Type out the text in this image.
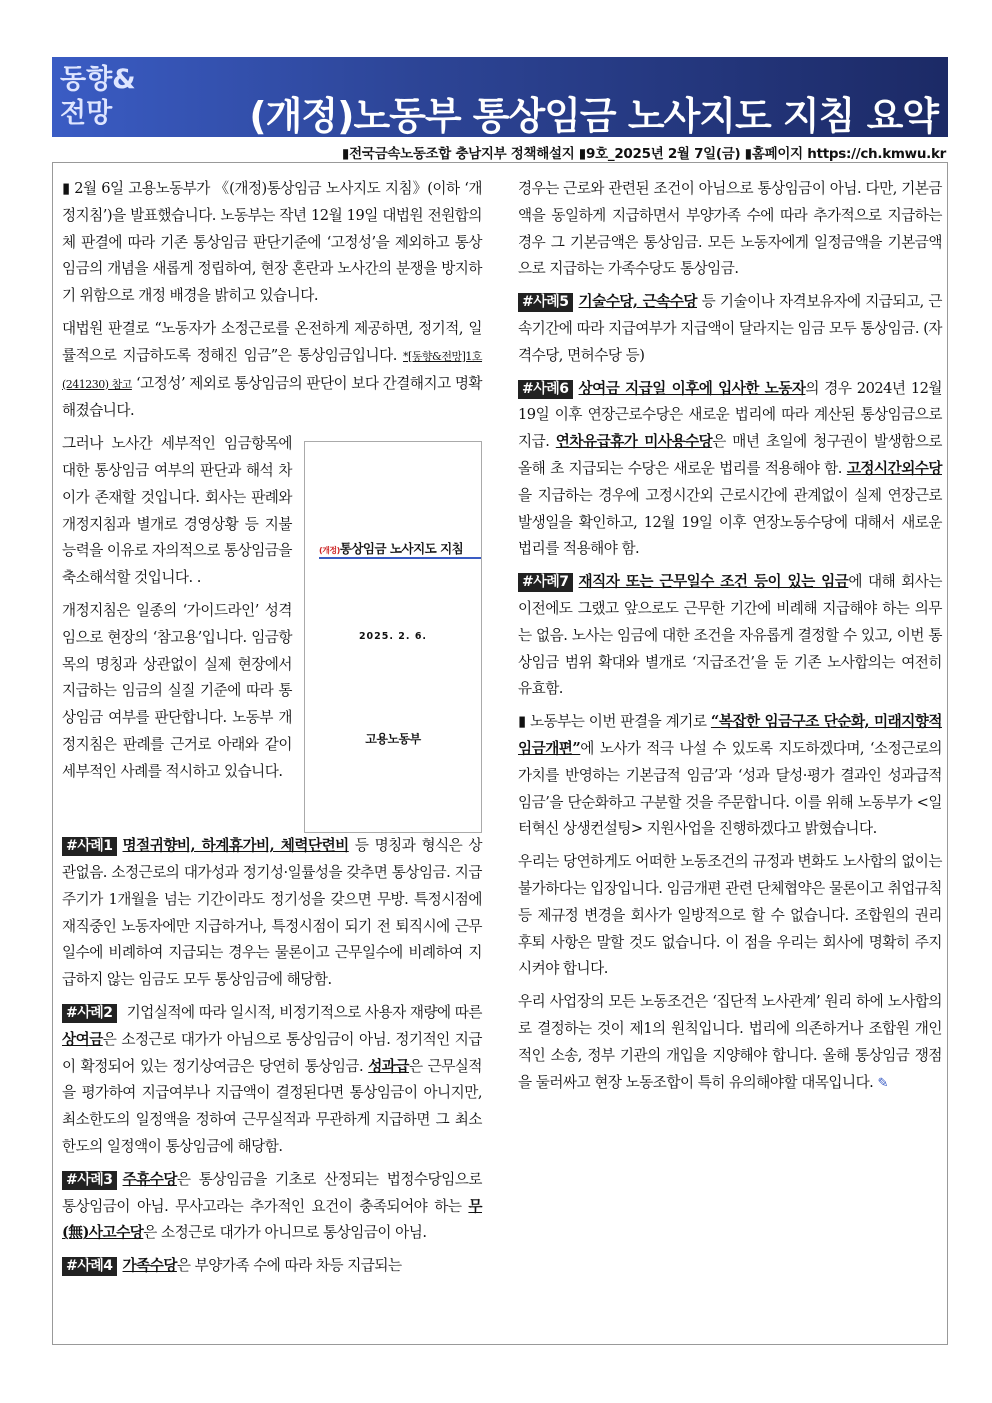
동향&
전망	(개정)노동부 통상임금 노사지도 지침 요약
▮전국금속노동조합 충남지부 정책해설지 ▮9호_2025년 2월 7일(금) ▮홈페이지 https://ch.kmwu.kr

▮ 2월 6일 고용노동부가 《(개정)통상임금 노사지도 지침》(이하 ‘개정지침’)을 발표했습니다. 노동부는 작년 12월 19일 대법원 전원합의체 판결에 따라 기존 통상임금 판단기준에 ‘고정성’을 제외하고 통상임금의 개념을 새롭게 정립하여, 현장 혼란과 노사간의 분쟁을 방지하기 위함으로 개정 배경을 밝히고 있습니다.

대법원 판결로 “노동자가 소정근로를 온전하게 제공하면, 정기적, 일률적으로 지급하도록 정해진 임금”은 통상임금입니다. *[동향&전망]1호(241230) 참고 ‘고정성’ 제외로 통상임금의 판단이 보다 간결해지고 명확해졌습니다.

그러나 노사간 세부적인 임금항목에 대한 통상임금 여부의 판단과 해석 차이가 존재할 것입니다. 회사는 판례와 개정지침과 별개로 경영상황 등 지불능력을 이유로 자의적으로 통상임금을 축소해석할 것입니다. .

개정지침은 일종의 ‘가이드라인’ 성격임으로 현장의 ‘참고용’입니다. 임금항목의 명칭과 상관없이 실제 현장에서 지급하는 임금의 실질 기준에 따라 통상임금 여부를 판단합니다. 노동부 개정지침은 판례를 근거로 아래와 같이 세부적인 사례를 적시하고 있습니다.

(개정)통상임금 노사지도 지침
2025. 2. 6.
고용노동부

#사례1 명절귀향비, 하계휴가비, 체력단련비 등 명칭과 형식은 상관없음. 소정근로의 대가성과 정기성·일률성을 갖추면 통상임금. 지급주기가 1개월을 넘는 기간이라도 정기성을 갖으면 무방. 특정시점에 재직중인 노동자에만 지급하거나, 특정시점이 되기 전 퇴직시에 근무일수에 비례하여 지급되는 경우는 물론이고 근무일수에 비례하여 지급하지 않는 임금도 모두 통상임금에 해당함.

#사례2 기업실적에 따라 일시적, 비정기적으로 사용자 재량에 따른 상여금은 소정근로 대가가 아님으로 통상임금이 아님. 정기적인 지급이 확정되어 있는 정기상여금은 당연히 통상임금. 성과급은 근무실적을 평가하여 지급여부나 지급액이 결정된다면 통상임금이 아니지만, 최소한도의 일정액을 정하여 근무실적과 무관하게 지급하면 그 최소한도의 일정액이 통상임금에 해당함.

#사례3 주휴수당은 통상임금을 기초로 산정되는 법정수당임으로 통상임금이 아님. 무사고라는 추가적인 요건이 충족되어야 하는 무(無)사고수당은 소정근로 대가가 아니므로 통상임금이 아님.

#사례4 가족수당은 부양가족 수에 따라 차등 지급되는

경우는 근로와 관련된 조건이 아님으로 통상임금이 아님. 다만, 기본금액을 동일하게 지급하면서 부양가족 수에 따라 추가적으로 지급하는 경우 그 기본금액은 통상임금. 모든 노동자에게 일정금액을 기본금액으로 지급하는 가족수당도 통상임금.

#사례5 기술수당, 근속수당 등 기술이나 자격보유자에 지급되고, 근속기간에 따라 지급여부가 지급액이 달라지는 임금 모두 통상임금. (자격수당, 면허수당 등)

#사례6 상여금 지급일 이후에 입사한 노동자의 경우 2024년 12월 19일 이후 연장근로수당은 새로운 법리에 따라 계산된 통상임금으로 지급. 연차유급휴가 미사용수당은 매년 초일에 청구권이 발생함으로 올해 초 지급되는 수당은 새로운 법리를 적용해야 함. 고정시간외수당을 지급하는 경우에 고정시간외 근로시간에 관계없이 실제 연장근로 발생일을 확인하고, 12월 19일 이후 연장노동수당에 대해서 새로운 법리를 적용해야 함.

#사례7 재직자 또는 근무일수 조건 등이 있는 임금에 대해 회사는 이전에도 그랬고 앞으로도 근무한 기간에 비례해 지급해야 하는 의무는 없음. 노사는 임금에 대한 조건을 자유롭게 결정할 수 있고, 이번 통상임금 범위 확대와 별개로 ‘지급조건’을 둔 기존 노사합의는 여전히 유효함.

▮ 노동부는 이번 판결을 계기로 “복잡한 임금구조 단순화, 미래지향적 임금개편”에 노사가 적극 나설 수 있도록 지도하겠다며, ‘소정근로의 가치를 반영하는 기본급적 임금’과 ‘성과 달성·평가 결과인 성과급적 임금’을 단순화하고 구분할 것을 주문합니다. 이를 위해 노동부가 <일터혁신 상생컨설팅> 지원사업을 진행하겠다고 밝혔습니다.

우리는 당연하게도 어떠한 노동조건의 규정과 변화도 노사합의 없이는 불가하다는 입장입니다. 임금개편 관련 단체협약은 물론이고 취업규칙 등 제규정 변경을 회사가 일방적으로 할 수 없습니다. 조합원의 권리 후퇴 사항은 말할 것도 없습니다. 이 점을 우리는 회사에 명확히 주지시켜야 합니다.

우리 사업장의 모든 노동조건은 ‘집단적 노사관계’ 원리 하에 노사합의로 결정하는 것이 제1의 원칙입니다. 법리에 의존하거나 조합원 개인적인 소송, 정부 기관의 개입을 지양해야 합니다. 올해 통상임금 쟁점을 둘러싸고 현장 노동조합이 특히 유의해야할 대목입니다. ✎
